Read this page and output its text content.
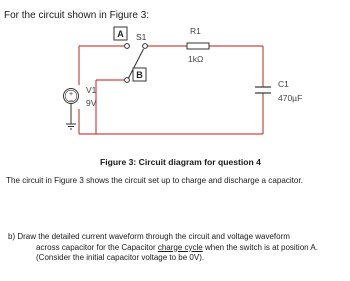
For the circuit shown in Figure 3:
A
B
S1
R1
1kΩ
C1
470µF
+
−
V1
9V
Figure 3: Circuit diagram for question 4
The circuit in Figure 3 shows the circuit set up to charge and discharge a capacitor.
b) Draw the detailed current waveform through the circuit and voltage waveform
across capacitor for the Capacitor charge cycle when the switch is at position A.
(Consider the initial capacitor voltage to be 0V).
